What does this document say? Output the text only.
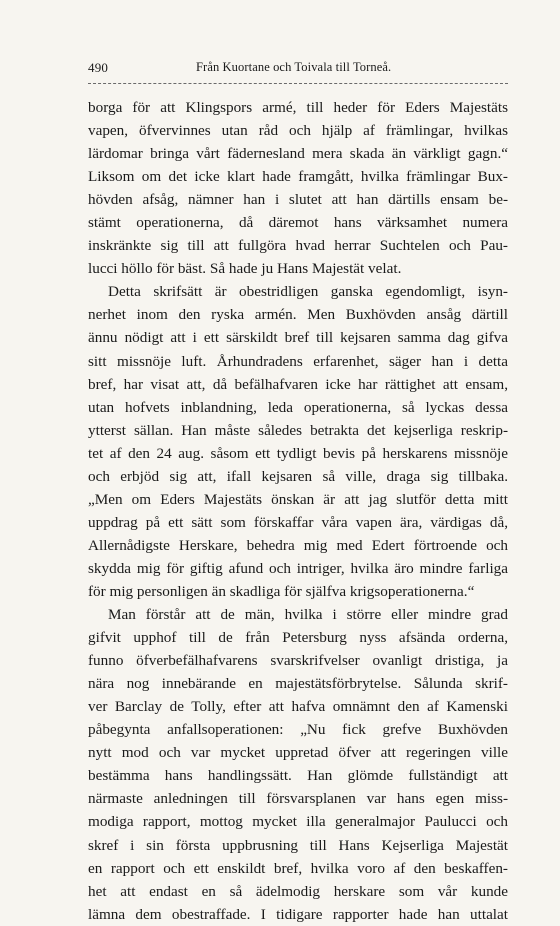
490	Från Kuortane och Toivala till Torneå.
borga för att Klingspors armé, till heder för Eders Majestäts
vapen, öfvervinnes utan råd och hjälp af främlingar, hvilkas
lärdomar bringa vårt fädernesland mera skada än värkligt gagn.“
Liksom om det icke klart hade framgått, hvilka främlingar Bux-
hövden afsåg, nämner han i slutet att han därtills ensam be-
stämt operationerna, då däremot hans värksamhet numera
inskränkte sig till att fullgöra hvad herrar Suchtelen och Pau-
lucci höllo för bäst. Så hade ju Hans Majestät velat.
Detta skrifsätt är obestridligen ganska egendomligt, isyn-
nerhet inom den ryska armén. Men Buxhövden ansåg därtill
ännu nödigt att i ett särskildt bref till kejsaren samma dag gifva
sitt missnöje luft. Århundradens erfarenhet, säger han i detta
bref, har visat att, då befälhafvaren icke har rättighet att ensam,
utan hofvets inblandning, leda operationerna, så lyckas dessa
ytterst sällan. Han måste således betrakta det kejserliga reskrip-
tet af den 24 aug. såsom ett tydligt bevis på herskarens missnöje
och erbjöd sig att, ifall kejsaren så ville, draga sig tillbaka.
„Men om Eders Majestäts önskan är att jag slutför detta mitt
uppdrag på ett sätt som förskaffar våra vapen ära, värdigas då,
Allernådigste Herskare, behedra mig med Edert förtroende och
skydda mig för giftig afund och intriger, hvilka äro mindre farliga
för mig personligen än skadliga för själfva krigsoperationerna.“
Man förstår att de män, hvilka i större eller mindre grad
gifvit upphof till de från Petersburg nyss afsända orderna,
funno öfverbefälhafvarens svarskrifvelser ovanligt dristiga, ja
nära nog innebärande en majestätsförbrytelse. Sålunda skrif-
ver Barclay de Tolly, efter att hafva omnämnt den af Kamenski
påbegynta anfallsoperationen: „Nu fick grefve Buxhövden
nytt mod och var mycket uppretad öfver att regeringen ville
bestämma hans handlingssätt. Han glömde fullständigt att
närmaste anledningen till försvarsplanen var hans egen miss-
modiga rapport, mottog mycket illa generalmajor Paulucci och
skref i sin första uppbrusning till Hans Kejserliga Majestät
en rapport och ett enskildt bref, hvilka voro af den beskaffen-
het att endast en så ädelmodig herskare som vår kunde
lämna dem obestraffade. I tidigare rapporter hade han uttalat
